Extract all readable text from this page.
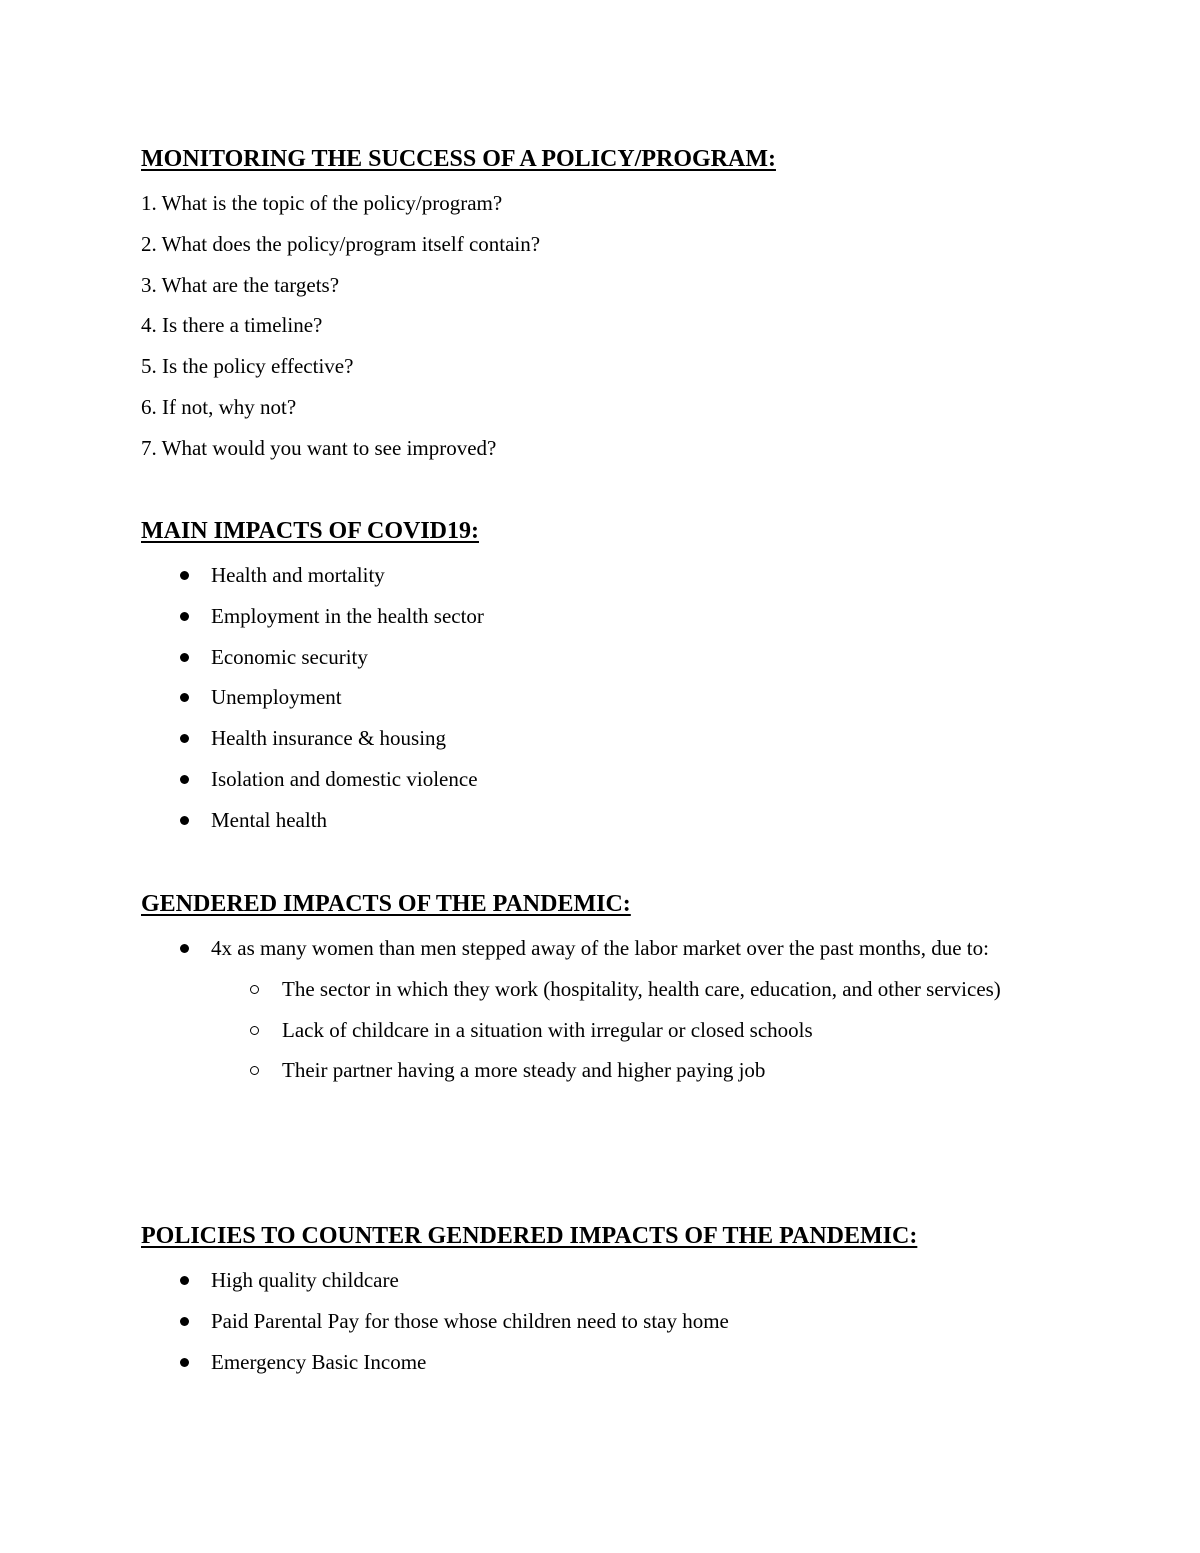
MONITORING THE SUCCESS OF A POLICY/PROGRAM:
1. What is the topic of the policy/program?
2. What does the policy/program itself contain?
3. What are the targets?
4. Is there a timeline?
5. Is the policy effective?
6. If not, why not?
7. What would you want to see improved?
MAIN IMPACTS OF COVID19:
Health and mortality
Employment in the health sector
Economic security
Unemployment
Health insurance & housing
Isolation and domestic violence
Mental health
GENDERED IMPACTS OF THE PANDEMIC:
4x as many women than men stepped away of the labor market over the past months, due to:
The sector in which they work (hospitality, health care, education, and other services)
Lack of childcare in a situation with irregular or closed schools
Their partner having a more steady and higher paying job
POLICIES TO COUNTER GENDERED IMPACTS OF THE PANDEMIC:
High quality childcare
Paid Parental Pay for those whose children need to stay home
Emergency Basic Income
